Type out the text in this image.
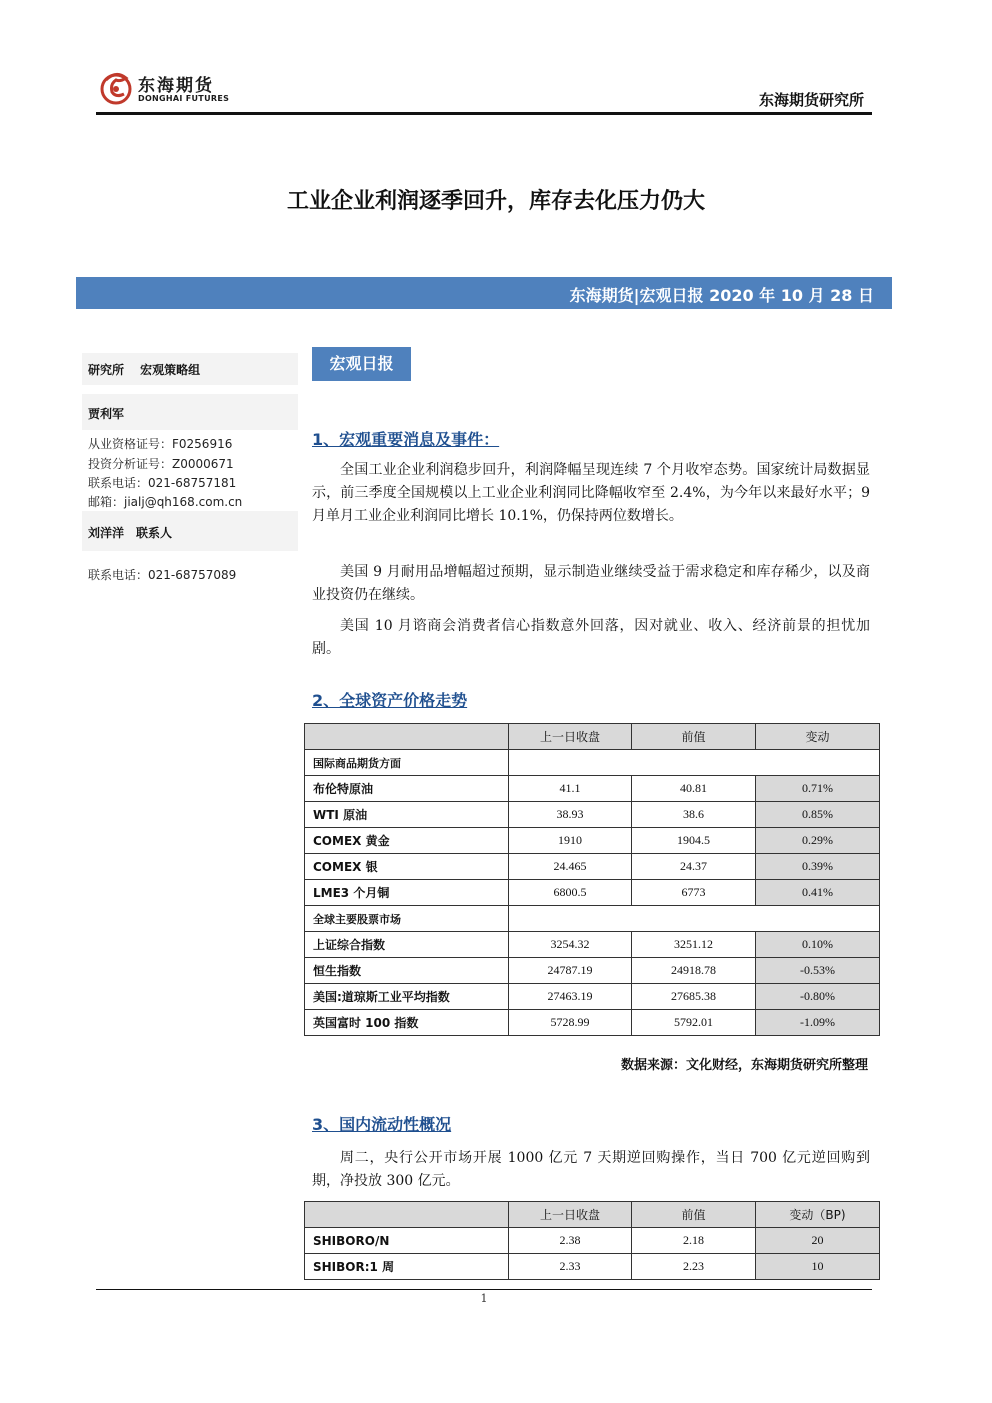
东海期货
DONGHAI FUTURES	东海期货研究所
工业企业利润逐季回升，库存去化压力仍大
东海期货|宏观日报 2020 年 10 月 28 日
研究所　 宏观策略组
贾利军
从业资格证号：F0256916
投资分析证号：Z0000671
联系电话：021-68757181
邮箱：jialj@qh168.com.cn
刘洋洋　联系人
联系电话：021-68757089
宏观日报
1、宏观重要消息及事件：
全国工业企业利润稳步回升，利润降幅呈现连续 7 个月收窄态势。国家统计局数据显示，前三季度全国规模以上工业企业利润同比降幅收窄至 2.4%，为今年以来最好水平；9 月单月工业企业利润同比增长 10.1%，仍保持两位数增长。
美国 9 月耐用品增幅超过预期，显示制造业继续受益于需求稳定和库存稀少，以及商业投资仍在继续。
美国 10 月谘商会消费者信心指数意外回落，因对就业、收入、经济前景的担忧加剧。
2、全球资产价格走势
	上一日收盘	前值	变动
国际商品期货方面			
布伦特原油	41.1	40.81	0.71%
WTI 原油	38.93	38.6	0.85%
COMEX 黄金	1910	1904.5	0.29%
COMEX 银	24.465	24.37	0.39%
LME3 个月铜	6800.5	6773	0.41%
全球主要股票市场			
上证综合指数	3254.32	3251.12	0.10%
恒生指数	24787.19	24918.78	-0.53%
美国:道琼斯工业平均指数	27463.19	27685.38	-0.80%
英国富时 100 指数	5728.99	5792.01	-1.09%
数据来源：文化财经，东海期货研究所整理
3、国内流动性概况
周二，央行公开市场开展 1000 亿元 7 天期逆回购操作，当日 700 亿元逆回购到期，净投放 300 亿元。
	上一日收盘	前值	变动（BP)
SHIBORO/N	2.38	2.18	20
SHIBOR:1 周	2.33	2.23	10
1
